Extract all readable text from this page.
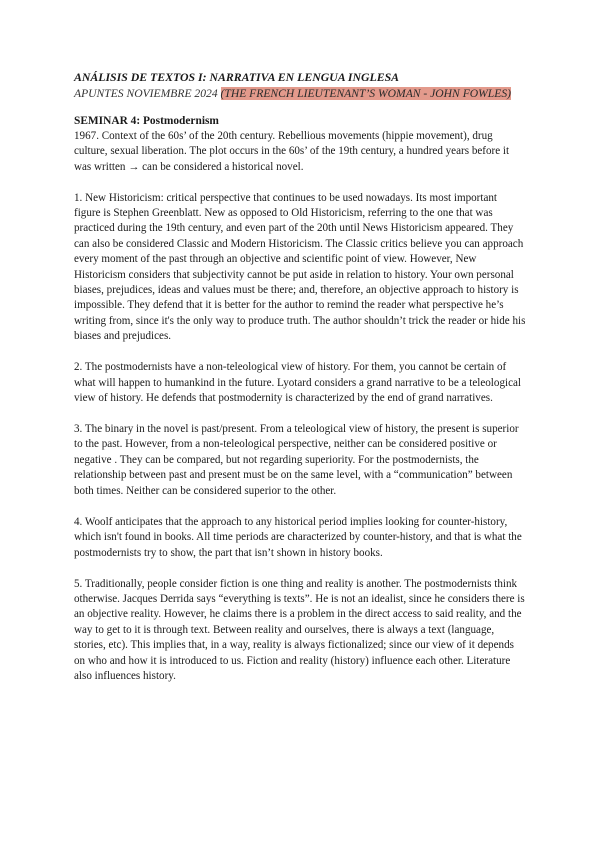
ANÁLISIS DE TEXTOS I: NARRATIVA EN LENGUA INGLESA

APUNTES NOVIEMBRE 2024 (THE FRENCH LIEUTENANT’S WOMAN - JOHN FOWLES)

SEMINAR 4: Postmodernism

1967. Context of the 60s’ of the 20th century. Rebellious movements (hippie movement), drug culture, sexual liberation. The plot occurs in the 60s’ of the 19th century, a hundred years before it was written → can be considered a historical novel.

1. New Historicism: critical perspective that continues to be used nowadays. Its most important figure is Stephen Greenblatt. New as opposed to Old Historicism, referring to the one that was practiced during the 19th century, and even part of the 20th until News Historicism appeared. They can also be considered Classic and Modern Historicism. The Classic critics believe you can approach every moment of the past through an objective and scientific point of view. However, New Historicism considers that subjectivity cannot be put aside in relation to history. Your own personal biases, prejudices, ideas and values must be there; and, therefore, an objective approach to history is impossible. They defend that it is better for the author to remind the reader what perspective he’s writing from, since it's the only way to produce truth. The author shouldn’t trick the reader or hide his biases and prejudices.

2. The postmodernists have a non-teleological view of history. For them, you cannot be certain of what will happen to humankind in the future. Lyotard considers a grand narrative to be a teleological view of history. He defends that postmodernity is characterized by the end of grand narratives.

3. The binary in the novel is past/present. From a teleological view of history, the present is superior to the past. However, from a non-teleological perspective, neither can be considered positive or negative . They can be compared, but not regarding superiority. For the postmodernists, the relationship between past and present must be on the same level, with a “communication” between both times. Neither can be considered superior to the other.

4. Woolf anticipates that the approach to any historical period implies looking for counter-history, which isn't found in books. All time periods are characterized by counter-history, and that is what the postmodernists try to show, the part that isn’t shown in history books.

5. Traditionally, people consider fiction is one thing and reality is another. The postmodernists think otherwise. Jacques Derrida says “everything is texts”. He is not an idealist, since he considers there is an objective reality. However, he claims there is a problem in the direct access to said reality, and the way to get to it is through text. Between reality and ourselves, there is always a text (language, stories, etc). This implies that, in a way, reality is always fictionalized; since our view of it depends on who and how it is introduced to us. Fiction and reality (history) influence each other. Literature also influences history.
